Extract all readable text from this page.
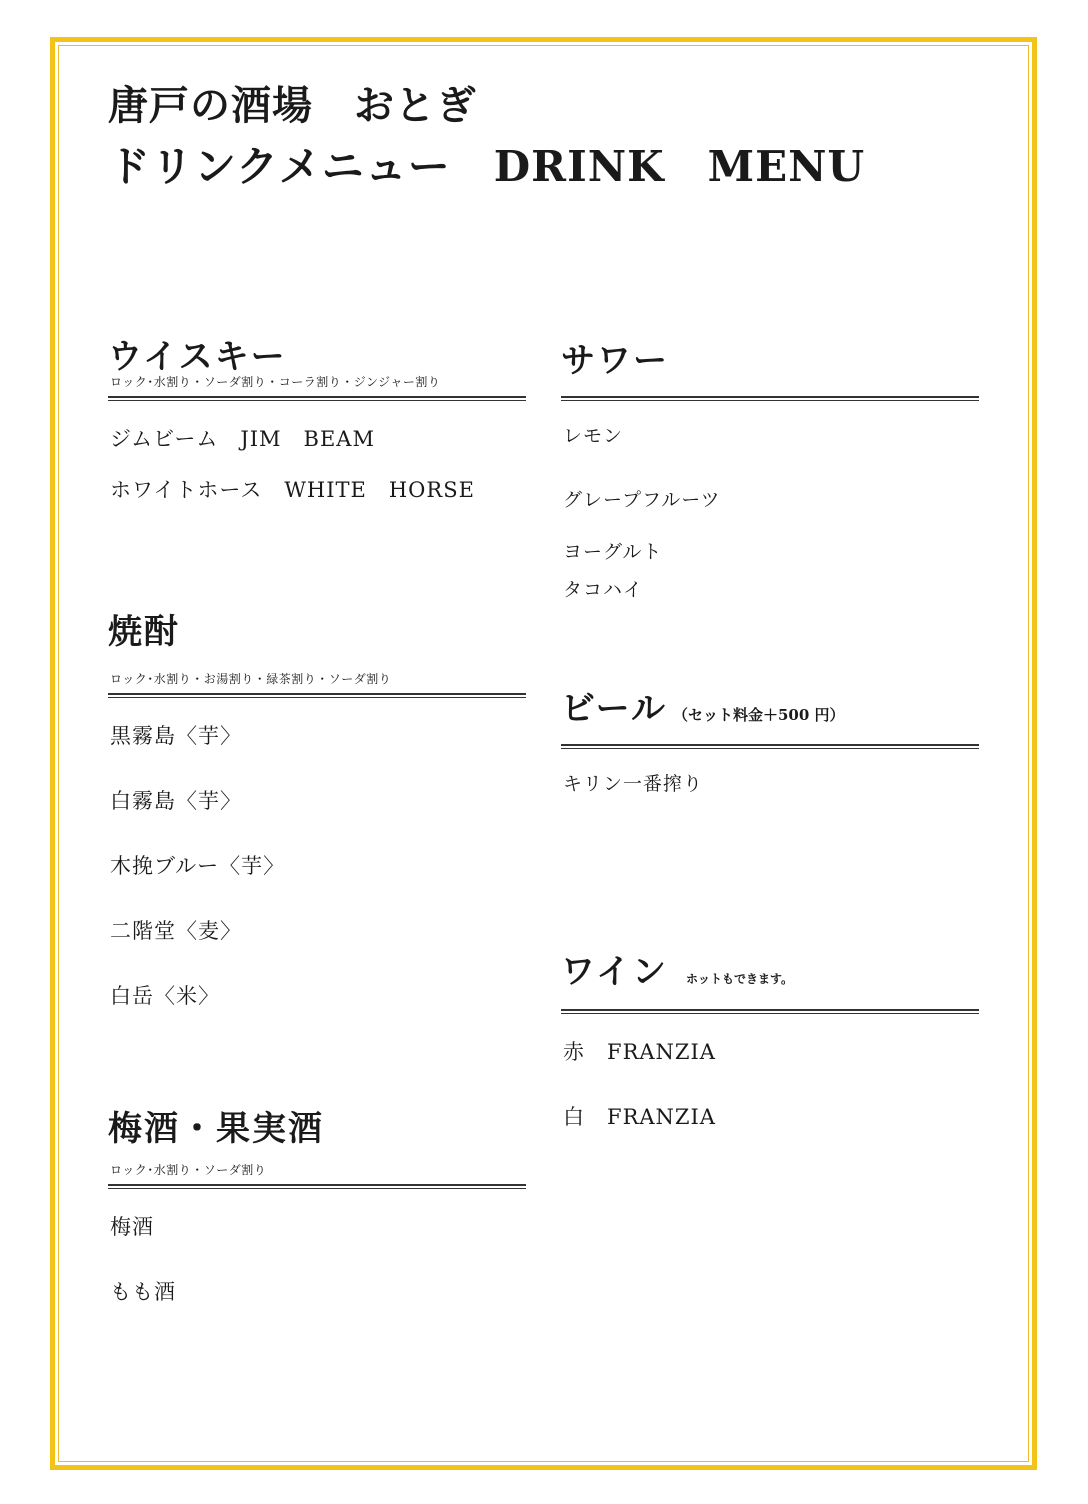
唐戸の酒場　おとぎ
ドリンクメニュー　DRINK　MENU
ウイスキー
ロック･水割り・ソーダ割り・コーラ割り・ジンジャー割り
ジムビーム　JIM　BEAM
ホワイトホース　WHITE　HORSE
焼酎
ロック･水割り・お湯割り・緑茶割り・ソーダ割り
黒霧島〈芋〉
白霧島〈芋〉
木挽ブルー〈芋〉
二階堂〈麦〉
白岳〈米〉
梅酒・果実酒
ロック･水割り・ソーダ割り
梅酒
もも酒
サワー
レモン
グレープフルーツ
ヨーグルト
タコハイ
ビール （セット料金＋500 円）
キリン一番搾り
ワイン ホットもできます。
赤　FRANZIA
白　FRANZIA
